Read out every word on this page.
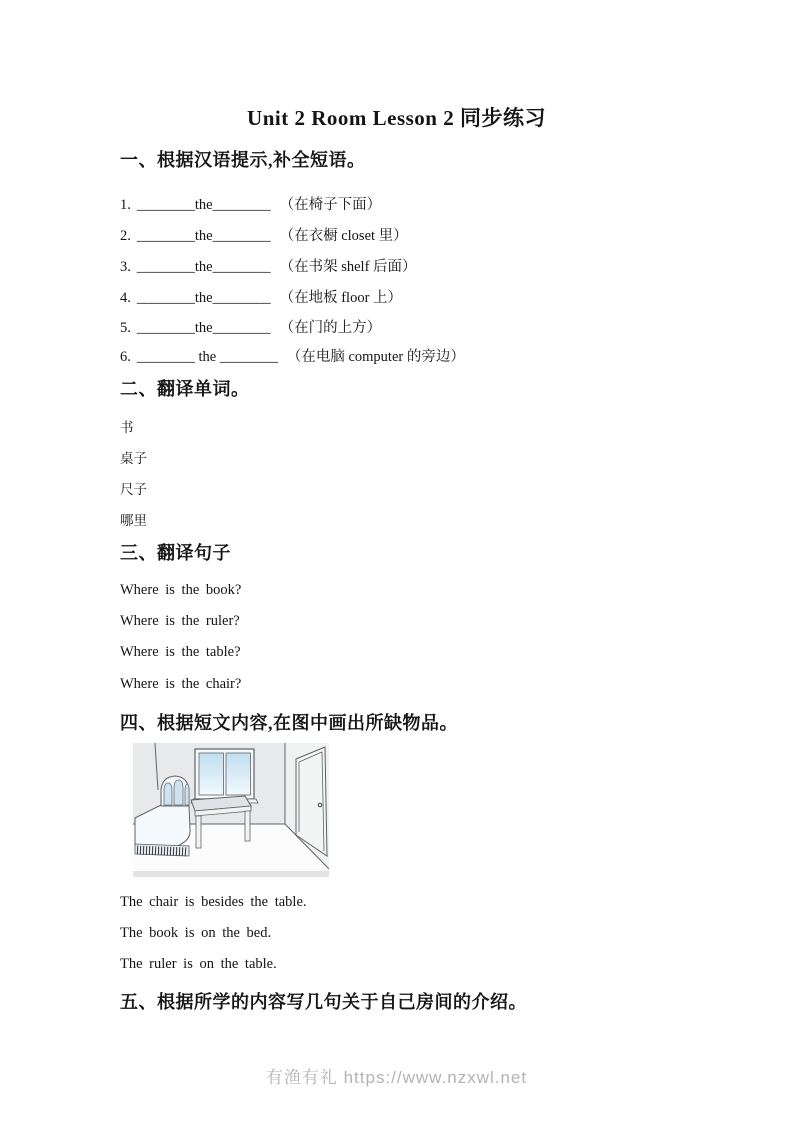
Unit 2 Room Lesson 2 同步练习
一、根据汉语提示,补全短语。
1. ________the________ （在椅子下面）
2. ________the________ （在衣橱 closet 里）
3. ________the________ （在书架 shelf 后面）
4. ________the________ （在地板 floor 上）
5. ________the________ （在门的上方）
6. ________ the ________ （在电脑 computer 的旁边）
二、翻译单词。
书
桌子
尺子
哪里
三、翻译句子
Where is the book?
Where is the ruler?
Where is the table?
Where is the chair?
四、根据短文内容,在图中画出所缺物品。
The chair is besides the table.
The book is on the bed.
The ruler is on the table.
五、根据所学的内容写几句关于自己房间的介绍。
有渔有礼 https://www.nzxwl.net
